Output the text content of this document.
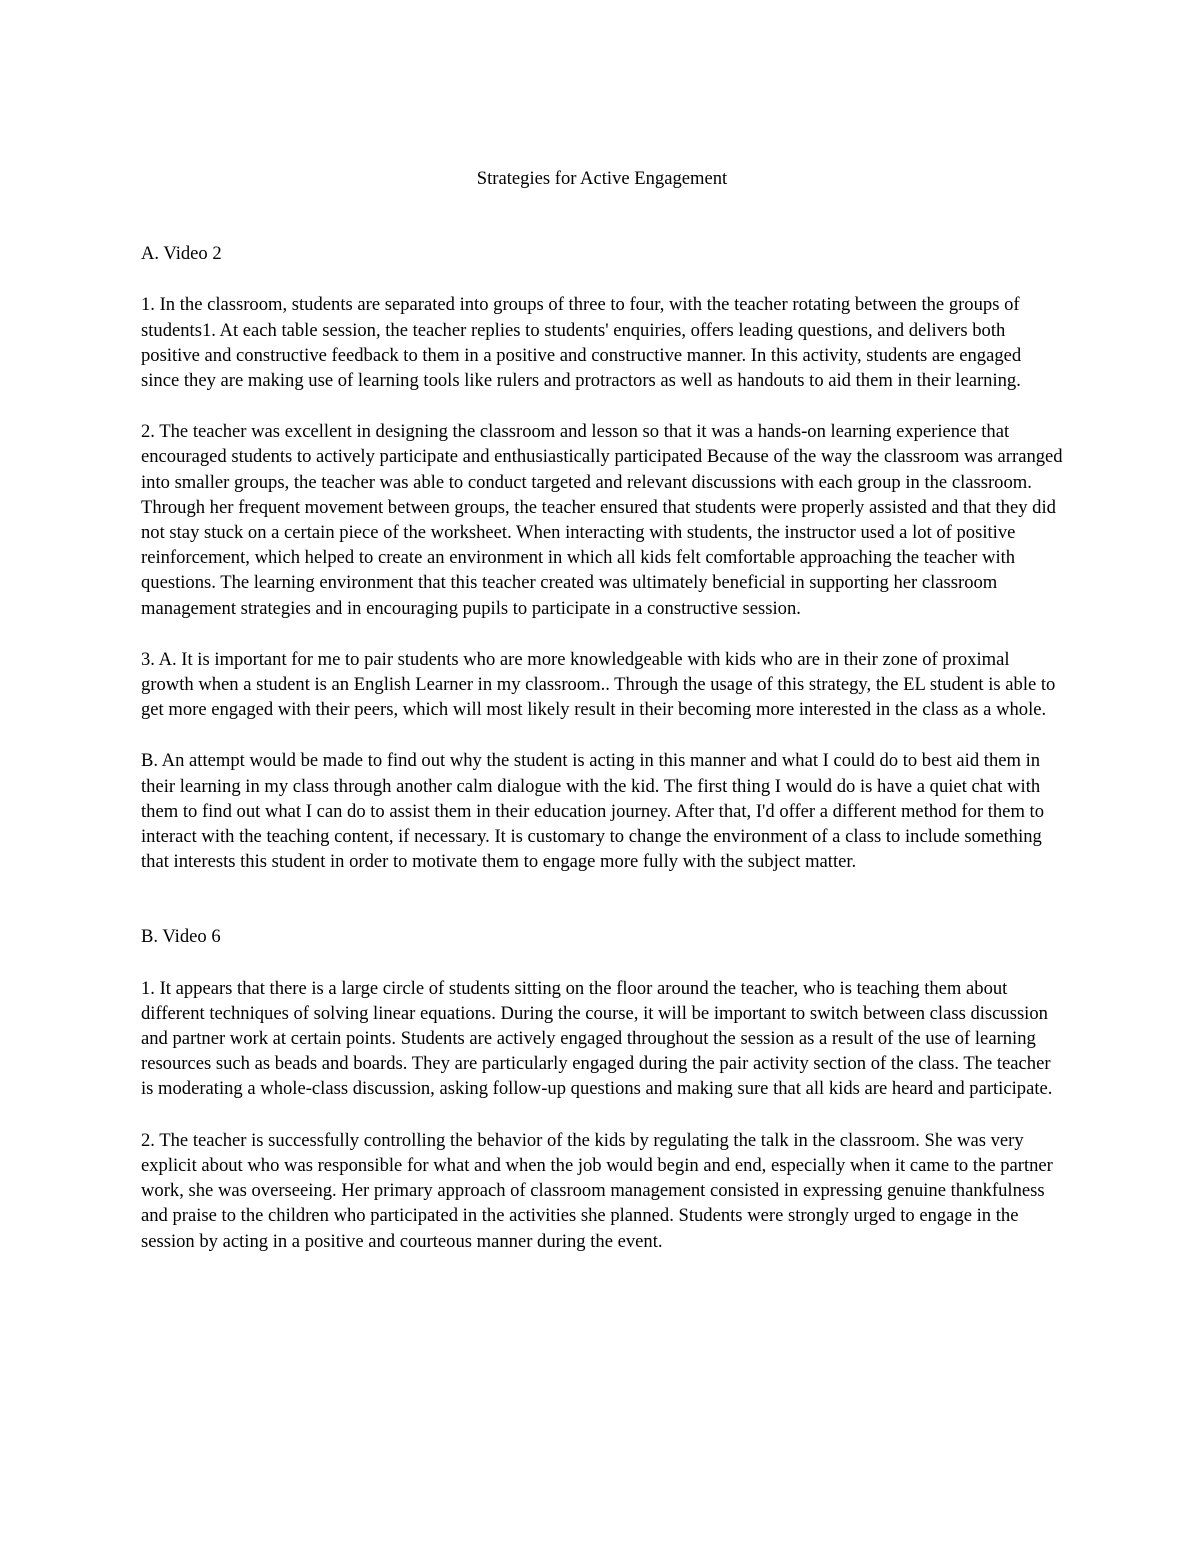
Strategies for Active Engagement
A. Video 2

1. In the classroom, students are separated into groups of three to four, with the teacher rotating between the groups of students1. At each table session, the teacher replies to students' enquiries, offers leading questions, and delivers both positive and constructive feedback to them in a positive and constructive manner. In this activity, students are engaged since they are making use of learning tools like rulers and protractors as well as handouts to aid them in their learning.

2. The teacher was excellent in designing the classroom and lesson so that it was a hands-on learning experience that encouraged students to actively participate and enthusiastically participated Because of the way the classroom was arranged into smaller groups, the teacher was able to conduct targeted and relevant discussions with each group in the classroom. Through her frequent movement between groups, the teacher ensured that students were properly assisted and that they did not stay stuck on a certain piece of the worksheet. When interacting with students, the instructor used a lot of positive reinforcement, which helped to create an environment in which all kids felt comfortable approaching the teacher with questions. The learning environment that this teacher created was ultimately beneficial in supporting her classroom management strategies and in encouraging pupils to participate in a constructive session.

3. A. It is important for me to pair students who are more knowledgeable with kids who are in their zone of proximal growth when a student is an English Learner in my classroom.. Through the usage of this strategy, the EL student is able to get more engaged with their peers, which will most likely result in their becoming more interested in the class as a whole.

B. An attempt would be made to find out why the student is acting in this manner and what I could do to best aid them in their learning in my class through another calm dialogue with the kid. The first thing I would do is have a quiet chat with them to find out what I can do to assist them in their education journey. After that, I'd offer a different method for them to interact with the teaching content, if necessary. It is customary to change the environment of a class to include something that interests this student in order to motivate them to engage more fully with the subject matter.

B. Video 6

1. It appears that there is a large circle of students sitting on the floor around the teacher, who is teaching them about different techniques of solving linear equations. During the course, it will be important to switch between class discussion and partner work at certain points. Students are actively engaged throughout the session as a result of the use of learning resources such as beads and boards. They are particularly engaged during the pair activity section of the class. The teacher is moderating a whole-class discussion, asking follow-up questions and making sure that all kids are heard and participate.

2. The teacher is successfully controlling the behavior of the kids by regulating the talk in the classroom. She was very explicit about who was responsible for what and when the job would begin and end, especially when it came to the partner work, she was overseeing. Her primary approach of classroom management consisted in expressing genuine thankfulness and praise to the children who participated in the activities she planned. Students were strongly urged to engage in the session by acting in a positive and courteous manner during the event.
